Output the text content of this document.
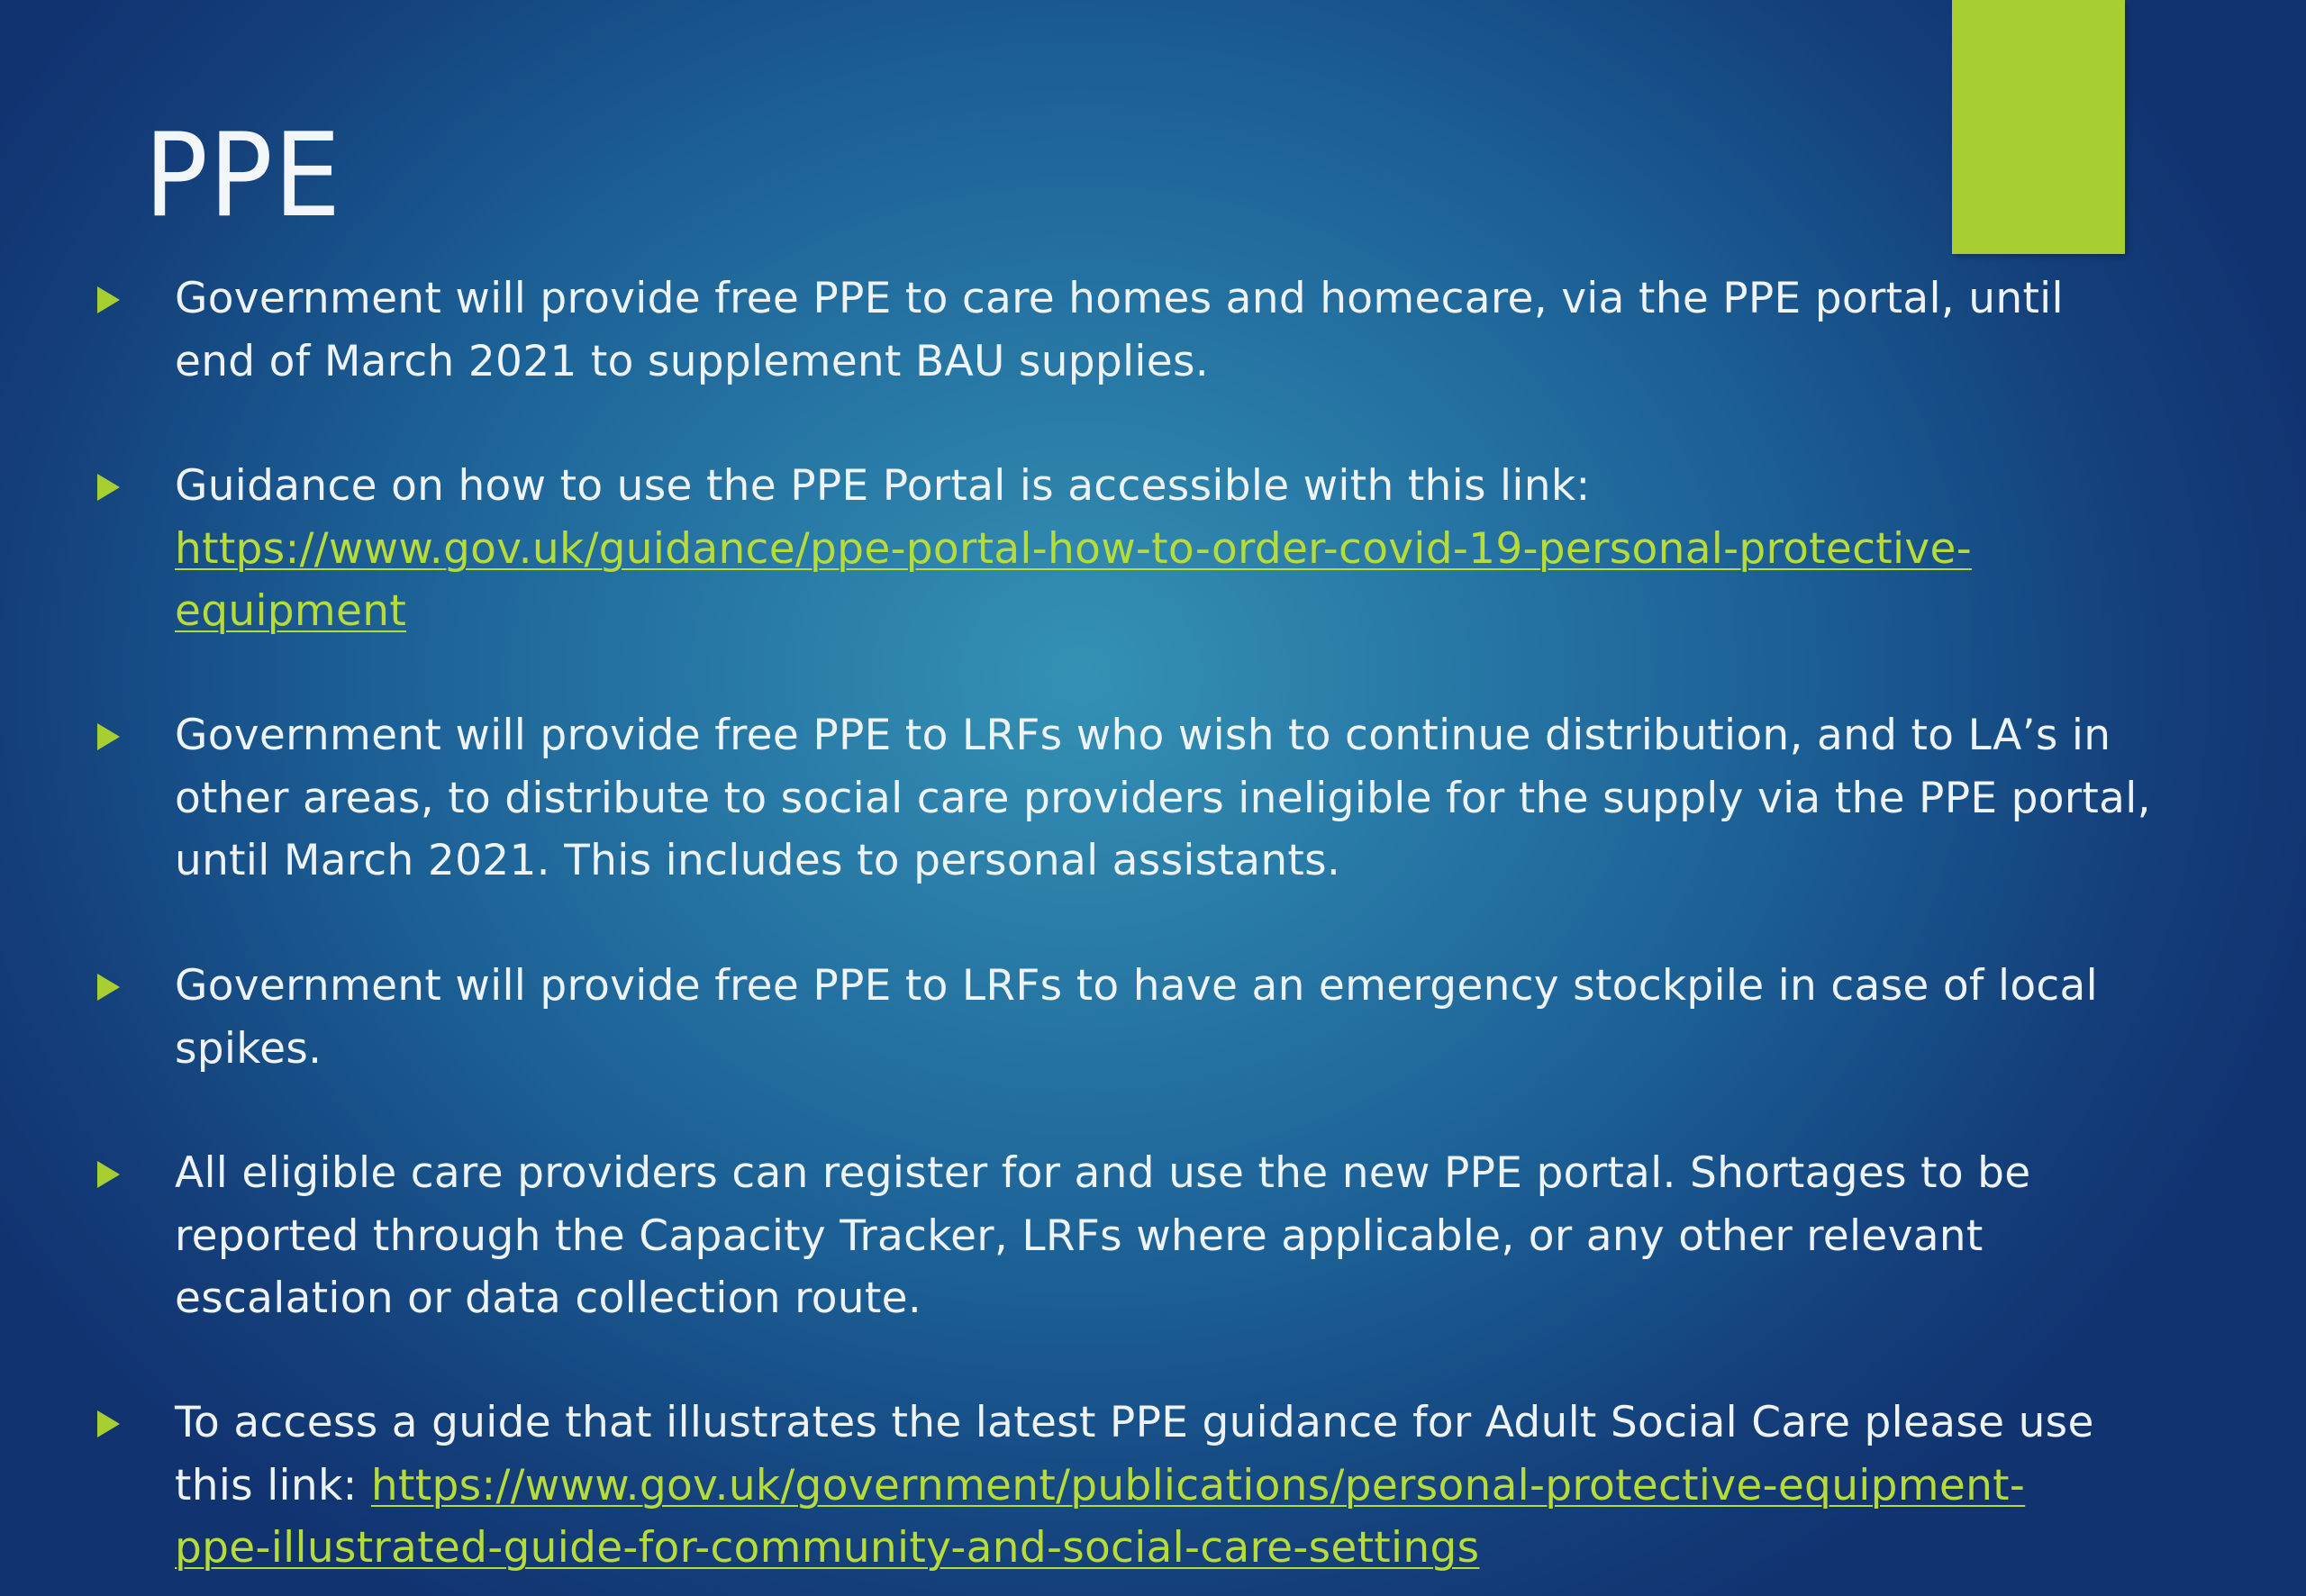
PPE
Government will provide free PPE to care homes and homecare, via the PPE portal, until
end of March 2021 to supplement BAU supplies.
Guidance on how to use the PPE Portal is accessible with this link:
https://www.gov.uk/guidance/ppe-portal-how-to-order-covid-19-personal-protective-
equipment
Government will provide free PPE to LRFs who wish to continue distribution, and to LA’s in
other areas, to distribute to social care providers ineligible for the supply via the PPE portal,
until March 2021. This includes to personal assistants.
Government will provide free PPE to LRFs to have an emergency stockpile in case of local
spikes.
All eligible care providers can register for and use the new PPE portal. Shortages to be
reported through the Capacity Tracker, LRFs where applicable, or any other relevant
escalation or data collection route.
To access a guide that illustrates the latest PPE guidance for Adult Social Care please use
this link: https://www.gov.uk/government/publications/personal-protective-equipment-
ppe-illustrated-guide-for-community-and-social-care-settings
